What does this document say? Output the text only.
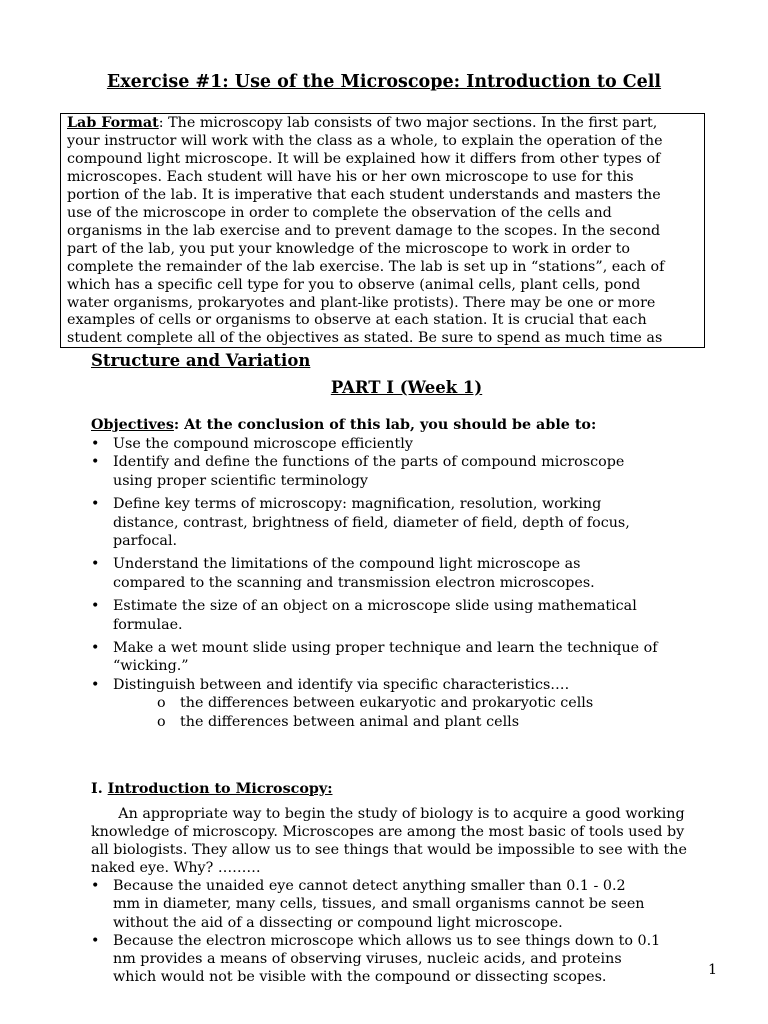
Exercise #1: Use of the Microscope: Introduction to Cell
Lab Format: The microscopy lab consists of two major sections. In the first part,
your instructor will work with the class as a whole, to explain the operation of the
compound light microscope. It will be explained how it differs from other types of
microscopes. Each student will have his or her own microscope to use for this
portion of the lab. It is imperative that each student understands and masters the
use of the microscope in order to complete the observation of the cells and
organisms in the lab exercise and to prevent damage to the scopes. In the second
part of the lab, you put your knowledge of the microscope to work in order to
complete the remainder of the lab exercise. The lab is set up in “stations”, each of
which has a specific cell type for you to observe (animal cells, plant cells, pond
water organisms, prokaryotes and plant-like protists). There may be one or more
examples of cells or organisms to observe at each station. It is crucial that each
student complete all of the objectives as stated. Be sure to spend as much time as
Structure and Variation
PART I (Week 1)
Objectives: At the conclusion of this lab, you should be able to:
• Use the compound microscope efficiently
• Identify and define the functions of the parts of compound microscope
using proper scientific terminology
• Define key terms of microscopy: magnification, resolution, working
distance, contrast, brightness of field, diameter of field, depth of focus,
parfocal.
• Understand the limitations of the compound light microscope as
compared to the scanning and transmission electron microscopes.
• Estimate the size of an object on a microscope slide using mathematical
formulae.
• Make a wet mount slide using proper technique and learn the technique of
“wicking.”
• Distinguish between and identify via specific characteristics….
o	the differences between eukaryotic and prokaryotic cells
o	the differences between animal and plant cells
I. Introduction to Microscopy:
An appropriate way to begin the study of biology is to acquire a good working
knowledge of microscopy. Microscopes are among the most basic of tools used by
all biologists. They allow us to see things that would be impossible to see with the
naked eye. Why? ………
• Because the unaided eye cannot detect anything smaller than 0.1 - 0.2
mm in diameter, many cells, tissues, and small organisms cannot be seen
without the aid of a dissecting or compound light microscope.
• Because the electron microscope which allows us to see things down to 0.1
nm provides a means of observing viruses, nucleic acids, and proteins
which would not be visible with the compound or dissecting scopes.	1
